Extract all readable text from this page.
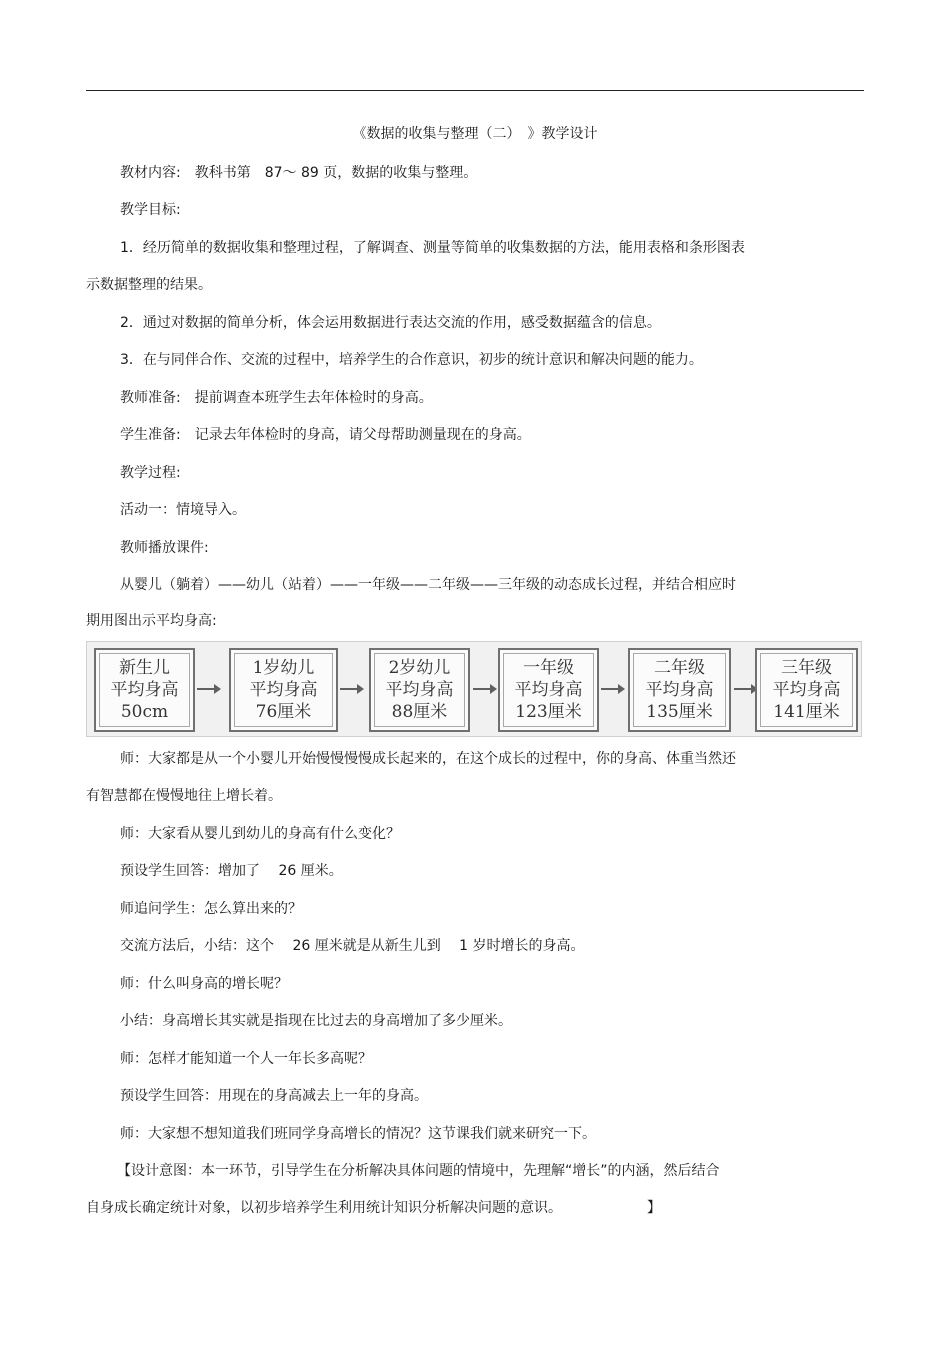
《数据的收集与整理（二）　》教学设计
教材内容: 教科书第　87～ 89 页，数据的收集与整理。
教学目标:
1．经历简单的数据收集和整理过程，了解调查、测量等简单的收集数据的方法，能用表格和条形图表
示数据整理的结果。
2．通过对数据的简单分析，体会运用数据进行表达交流的作用，感受数据蕴含的信息。
3．在与同伴合作、交流的过程中，培养学生的合作意识，初步的统计意识和解决问题的能力。
教师准备: 提前调查本班学生去年体检时的身高。
学生准备: 记录去年体检时的身高，请父母帮助测量现在的身高。
教学过程:
活动一：情境导入。
教师播放课件:
从婴儿（躺着）——幼儿（站着）——一年级——二年级——三年级的动态成长过程，并结合相应时
期用图出示平均身高:
新生儿
平均身高
50cm
1岁幼儿
平均身高
76厘米
2岁幼儿
平均身高
88厘米
一年级
平均身高
123厘米
二年级
平均身高
135厘米
三年级
平均身高
141厘米
师：大家都是从一个小婴儿开始慢慢慢慢成长起来的，在这个成长的过程中，你的身高、体重当然还
有智慧都在慢慢地往上增长着。
师：大家看从婴儿到幼儿的身高有什么变化？
预设学生回答：增加了　 26 厘米。
师追问学生：怎么算出来的？
交流方法后，小结：这个　 26 厘米就是从新生儿到　 1 岁时增长的身高。
师：什么叫身高的增长呢？
小结：身高增长其实就是指现在比过去的身高增加了多少厘米。
师：怎样才能知道一个人一年长多高呢？
预设学生回答：用现在的身高减去上一年的身高。
师：大家想不想知道我们班同学身高增长的情况？这节课我们就来研究一下。
【设计意图：本一环节，引导学生在分析解决具体问题的情境中，先理解“增长”的内涵，然后结合
自身成长确定统计对象，以初步培养学生利用统计知识分析解决问题的意识。	】
